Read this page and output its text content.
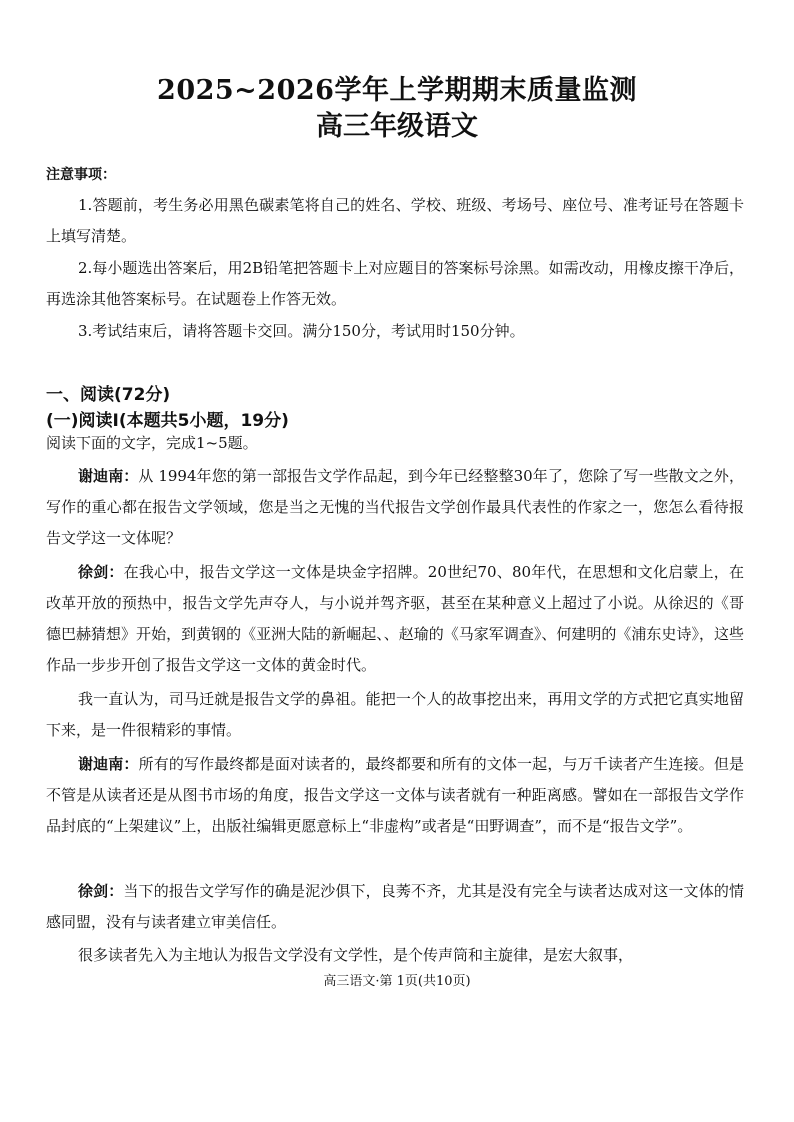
2025~2026学年上学期期末质量监测
高三年级语文
注意事项：
1.答题前，考生务必用黑色碳素笔将自己的姓名、学校、班级、考场号、座位号、准考证号在答题卡上填写清楚。
2.每小题选出答案后，用2B铅笔把答题卡上对应题目的答案标号涂黑。如需改动，用橡皮擦干净后，再选涂其他答案标号。在试题卷上作答无效。
3.考试结束后，请将答题卡交回。满分150分，考试用时150分钟。
一、阅读(72分)
(一)阅读Ⅰ(本题共5小题，19分)
阅读下面的文字，完成1~5题。
谢迪南：从 1994年您的第一部报告文学作品起，到今年已经整整30年了，您除了写一些散文之外，写作的重心都在报告文学领域，您是当之无愧的当代报告文学创作最具代表性的作家之一，您怎么看待报告文学这一文体呢？
徐剑：在我心中，报告文学这一文体是块金字招牌。20世纪70、80年代，在思想和文化启蒙上，在改革开放的预热中，报告文学先声夺人，与小说并驾齐驱，甚至在某种意义上超过了小说。从徐迟的《哥德巴赫猜想》开始，到黄钢的《亚洲大陆的新崛起、、赵瑜的《马家军调查》、何建明的《浦东史诗》，这些作品一步步开创了报告文学这一文体的黄金时代。
我一直认为，司马迁就是报告文学的鼻祖。能把一个人的故事挖出来，再用文学的方式把它真实地留下来，是一件很精彩的事情。
谢迪南：所有的写作最终都是面对读者的，最终都要和所有的文体一起，与万千读者产生连接。但是不管是从读者还是从图书市场的角度，报告文学这一文体与读者就有一种距离感。譬如在一部报告文学作品封底的“上架建议”上，出版社编辑更愿意标上“非虚构”或者是“田野调查”，而不是“报告文学”。
徐剑：当下的报告文学写作的确是泥沙俱下，良莠不齐，尤其是没有完全与读者达成对这一文体的情感同盟，没有与读者建立审美信任。
很多读者先入为主地认为报告文学没有文学性，是个传声筒和主旋律，是宏大叙事，
高三语文·第 1页(共10页)
